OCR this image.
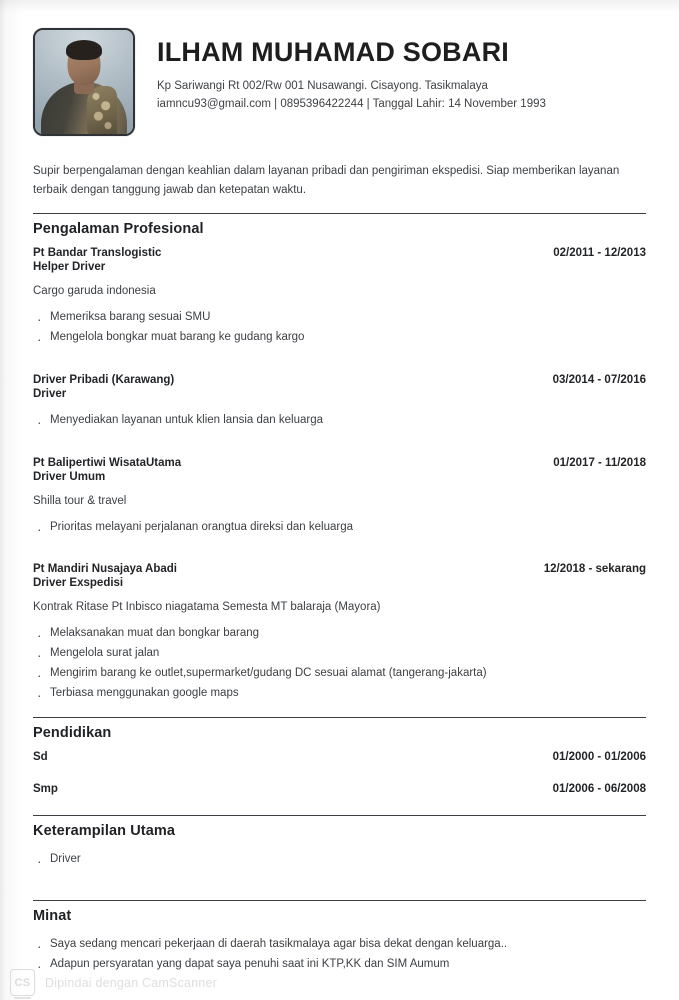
ILHAM MUHAMAD SOBARI

Kp Sariwangi Rt 002/Rw 001 Nusawangi. Cisayong. Tasikmalaya

iamncu93@gmail.com | 0895396422244 | Tanggal Lahir: 14 November 1993

Supir berpengalaman dengan keahlian dalam layanan pribadi dan pengiriman ekspedisi. Siap memberikan layanan terbaik dengan tanggung jawab dan ketepatan waktu.
Pengalaman Profesional
Pt Bandar Translogistic	02/2011 - 12/2013
Helper Driver
Cargo garuda indonesia
· Memeriksa barang sesuai SMU
· Mengelola bongkar muat barang ke gudang kargo
Driver Pribadi (Karawang)	03/2014 - 07/2016
Driver
· Menyediakan layanan untuk klien lansia dan keluarga
Pt Balipertiwi WisataUtama	01/2017 - 11/2018
Driver Umum
Shilla tour & travel
· Prioritas melayani perjalanan orangtua direksi dan keluarga
Pt Mandiri Nusajaya Abadi	12/2018 - sekarang
Driver Exspedisi
Kontrak Ritase Pt Inbisco niagatama Semesta MT balaraja (Mayora)
· Melaksanakan muat dan bongkar barang
· Mengelola surat jalan
· Mengirim barang ke outlet,supermarket/gudang DC sesuai alamat (tangerang-jakarta)
· Terbiasa menggunakan google maps
Pendidikan
Sd	01/2000 - 01/2006
Smp	01/2006 - 06/2008
Keterampilan Utama
· Driver
Minat
· Saya sedang mencari pekerjaan di daerah tasikmalaya agar bisa dekat dengan keluarga..
· Adapun persyaratan yang dapat saya penuhi saat ini KTP,KK dan SIM Aumum
CS	Dipindai dengan CamScanner
